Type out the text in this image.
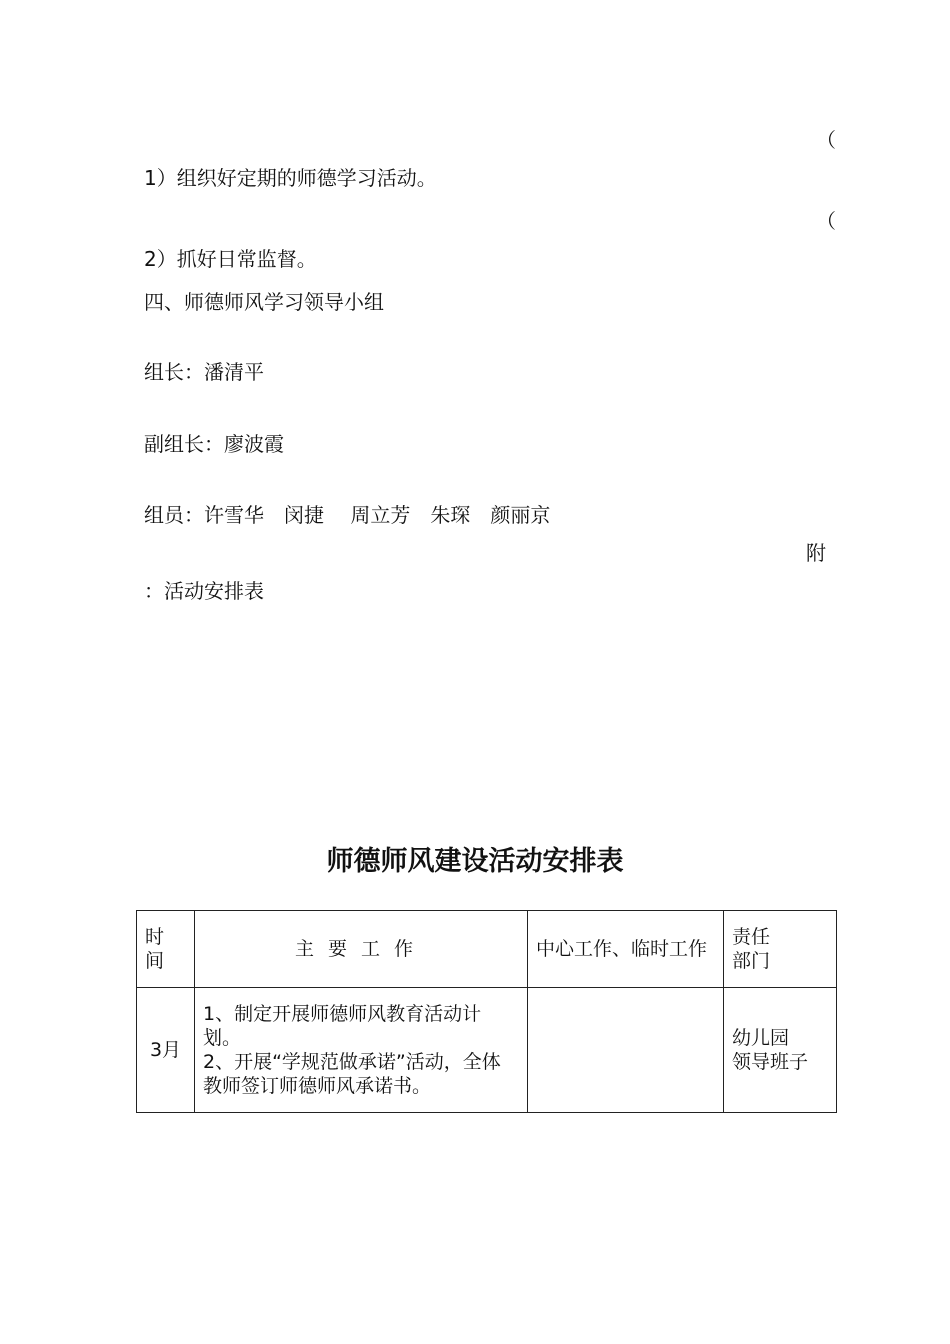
（
1）组织好定期的师德学习活动。
（
2）抓好日常监督。
四、师德师风学习领导小组
组长：潘清平
副组长：廖波霞
组员：许雪华　闵捷　 周立芳　朱琛　颜丽京
附
：活动安排表
师德师风建设活动安排表
时
间	主要工作	中心工作、临时工作	责任
部门

3月	1、制定开展师德师风教育活动计划。
2、开展“学规范做承诺”活动，全体教师签订师德师风承诺书。		幼儿园
领导班子
